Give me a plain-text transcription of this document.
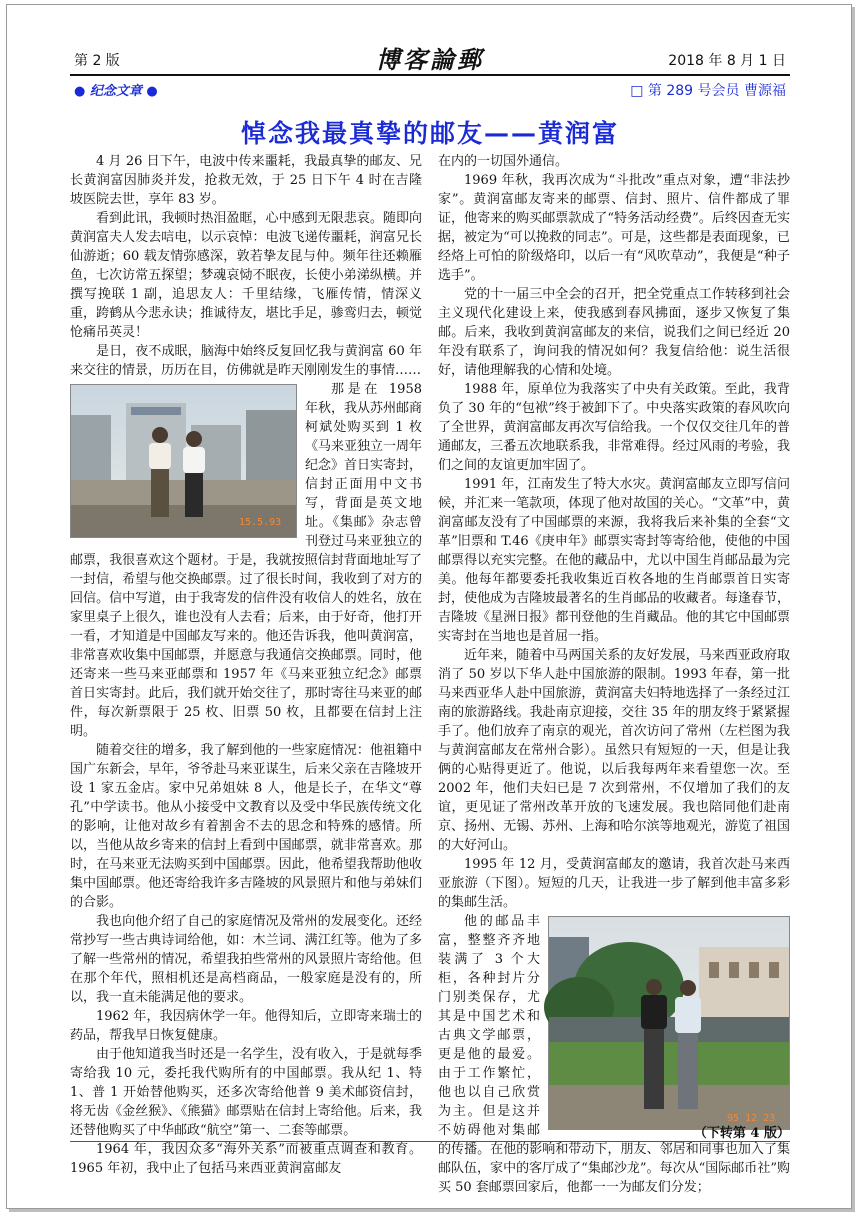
第 2 版	博客論郵	2018 年 8 月 1 日
● 纪念文章 ●	□ 第 289 号会员 曹源福
悼念我最真挚的邮友——黄润富

4 月 26 日下午，电波中传来噩耗，我最真挚的邮友、兄长黄润富因肺炎并发，抢救无效，于 25 日下午 4 时在吉隆坡医院去世，享年 83 岁。

看到此讯，我顿时热泪盈眶，心中感到无限悲哀。随即向黄润富夫人发去唁电，以示哀悼：电波飞递传噩耗，润富兄长仙游逝；60 载友情弥感深，敦若挚友昆与仲。频年往还赖雁鱼，七次访常五探望；梦魂哀恸不眠夜，长使小弟涕纵横。并撰写挽联 1 副，追思友人：千里结缘，飞雁传情，情深义重，跨鹤从今悲永诀；推诚待友，堪比手足，骖鸾归去，顿觉怆痛吊英灵！

是日，夜不成眠，脑海中始终反复回忆我与黄润富 60 年来交往的情景，历历在目，仿佛就是昨天刚刚发生的事情……

15.5.93

那是在 1958 年秋，我从苏州邮商柯斌处购买到 1 枚《马来亚独立一周年纪念》首日实寄封，信封正面用中文书写，背面是英文地址。《集邮》杂志曾刊登过马来亚独立的邮票，我很喜欢这个题材。于是，我就按照信封背面地址写了一封信，希望与他交换邮票。过了很长时间，我收到了对方的回信。信中写道，由于我寄发的信件没有收信人的姓名，放在家里桌子上很久，谁也没有人去看；后来，由于好奇，他打开一看，才知道是中国邮友写来的。他还告诉我，他叫黄润富，非常喜欢收集中国邮票，并愿意与我通信交换邮票。同时，他还寄来一些马来亚邮票和 1957 年《马来亚独立纪念》邮票首日实寄封。此后，我们就开始交往了，那时寄往马来亚的邮件，每次新票限于 25 枚、旧票 50 枚，且都要在信封上注明。

随着交往的增多，我了解到他的一些家庭情况：他祖籍中国广东新会，早年，爷爷赴马来亚谋生，后来父亲在吉隆坡开设 1 家五金店。家中兄弟姐妹 8 人，他是长子，在华文“尊孔”中学读书。他从小接受中文教育以及受中华民族传统文化的影响，让他对故乡有着割舍不去的思念和特殊的感情。所以，当他从故乡寄来的信封上看到中国邮票，就非常喜欢。那时，在马来亚无法购买到中国邮票。因此，他希望我帮助他收集中国邮票。他还寄给我许多吉隆坡的风景照片和他与弟妹们的合影。

我也向他介绍了自己的家庭情况及常州的发展变化。还经常抄写一些古典诗词给他，如：木兰词、满江红等。他为了多了解一些常州的情况，希望我拍些常州的风景照片寄给他。但在那个年代，照相机还是高档商品，一般家庭是没有的，所以，我一直未能满足他的要求。

1962 年，我因病休学一年。他得知后，立即寄来瑞士的药品，帮我早日恢复健康。

由于他知道我当时还是一名学生，没有收入，于是就每季寄给我 10 元，委托我代购所有的中国邮票。我从纪 1、特 1、普 1 开始替他购买，还多次寄给他普 9 美术邮资信封，将无齿《金丝猴》、《熊猫》邮票贴在信封上寄给他。后来，我还替他购买了中华邮政“航空”第一、二套等邮票。

1964 年，我因众多“海外关系”而被重点调查和教育。1965 年初，我中止了包括马来西亚黄润富邮友

在内的一切国外通信。

1969 年秋，我再次成为“斗批改”重点对象，遭“非法抄家”。黄润富邮友寄来的邮票、信封、照片、信件都成了罪证，他寄来的购买邮票款成了“特务活动经费”。后终因查无实据，被定为“可以挽救的同志”。可是，这些都是表面现象，已经烙上可怕的阶级烙印，以后一有“风吹草动”，我便是“种子选手”。

党的十一届三中全会的召开，把全党重点工作转移到社会主义现代化建设上来，使我感到春风拂面，逐步又恢复了集邮。后来，我收到黄润富邮友的来信，说我们之间已经近 20 年没有联系了，询问我的情况如何？我复信给他：说生活很好，请他理解我的心情和处境。

1988 年，原单位为我落实了中央有关政策。至此，我背负了 30 年的“包袱”终于被卸下了。中央落实政策的春风吹向了全世界，黄润富邮友再次写信给我。一个仅仅交往几年的普通邮友，三番五次地联系我，非常难得。经过风雨的考验，我们之间的友谊更加牢固了。

1991 年，江南发生了特大水灾。黄润富邮友立即写信问候，并汇来一笔款项，体现了他对故国的关心。“文革”中，黄润富邮友没有了中国邮票的来源，我将我后来补集的全套“文革”旧票和 T.46《庚申年》邮票实寄封等寄给他，使他的中国邮票得以充实完整。在他的藏品中，尤以中国生肖邮品最为完美。他每年都要委托我收集近百枚各地的生肖邮票首日实寄封，使他成为吉隆坡最著名的生肖邮品的收藏者。每逢春节，吉隆坡《星洲日报》都刊登他的生肖藏品。他的其它中国邮票实寄封在当地也是首屈一指。

近年来，随着中马两国关系的友好发展，马来西亚政府取消了 50 岁以下华人赴中国旅游的限制。1993 年春，第一批马来西亚华人赴中国旅游，黄润富夫妇特地选择了一条经过江南的旅游路线。我赴南京迎接，交往 35 年的朋友终于紧紧握手了。他们放弃了南京的观光，首次访问了常州（左栏图为我与黄润富邮友在常州合影）。虽然只有短短的一天，但是让我俩的心贴得更近了。他说，以后我每两年来看望您一次。至 2002 年，他们夫妇已是 7 次到常州，不仅增加了我们的友谊，更见证了常州改革开放的飞速发展。我也陪同他们赴南京、扬州、无锡、苏州、上海和哈尔滨等地观光，游览了祖国的大好河山。

1995 年 12 月，受黄润富邮友的邀请，我首次赴马来西亚旅游（下图）。短短的几天，让我进一步了解到他丰富多彩的集邮生活。

95 12 23

他的邮品丰富，整整齐齐地装满了 3 个大柜，各种封片分门别类保存，尤其是中国艺术和古典文学邮票，更是他的最爱。由于工作繁忙，他也以自己欣赏为主。但是这并不妨碍他对集邮的传播。在他的影响和带动下，朋友、邻居和同事也加入了集邮队伍，家中的客厅成了“集邮沙龙”。每次从“国际邮币社”购买 50 套邮票回家后，他都一一为邮友们分发；

（下转第 4 版）
